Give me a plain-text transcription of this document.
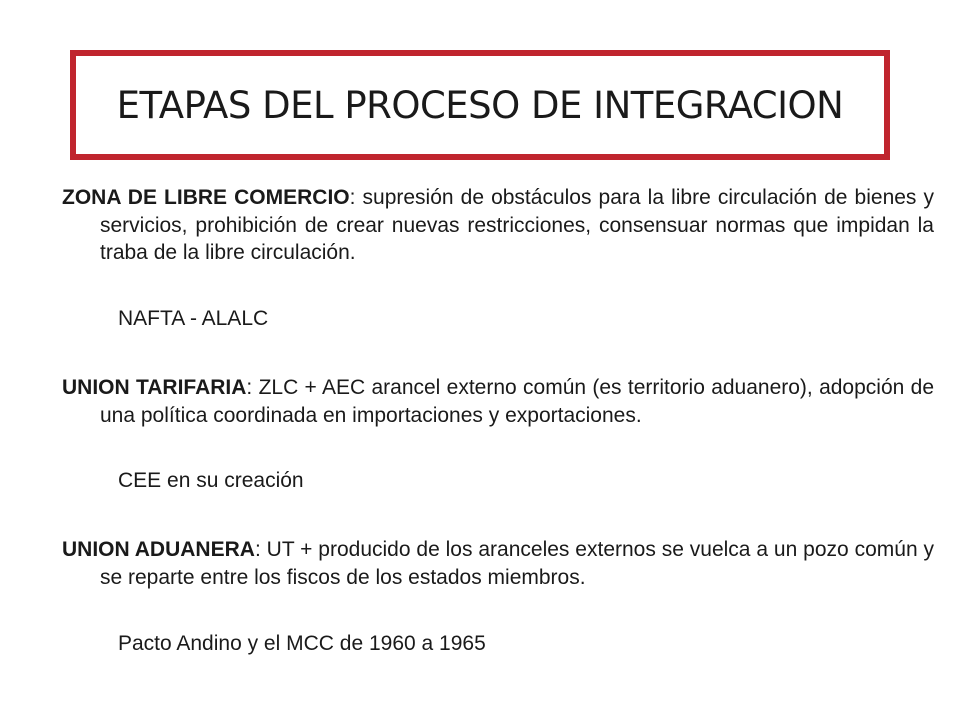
ETAPAS DEL PROCESO DE INTEGRACION

ZONA DE LIBRE COMERCIO: supresión de obstáculos para la libre circulación de bienes y servicios, prohibición de crear nuevas restricciones, consensuar normas que impidan la traba de la libre circulación.

NAFTA - ALALC

UNION TARIFARIA: ZLC + AEC arancel externo común (es territorio aduanero), adopción de una política coordinada en importaciones y exportaciones.

CEE en su creación

UNION ADUANERA: UT + producido de los aranceles externos se vuelca a un pozo común y se reparte entre los fiscos de los estados miembros.

Pacto Andino y el MCC de 1960 a 1965
